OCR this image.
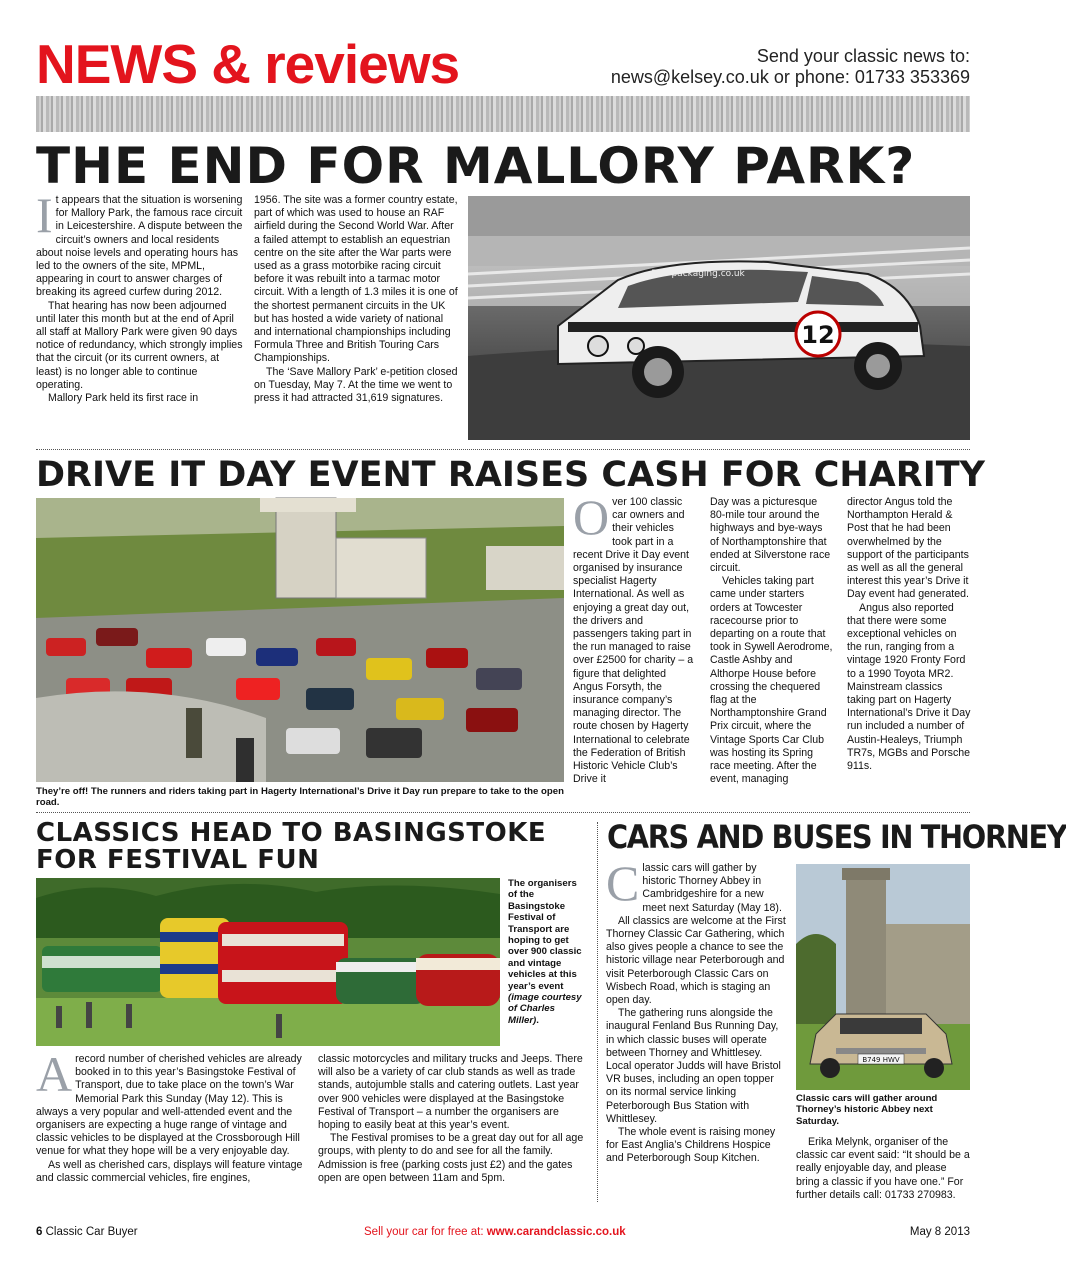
NEWS & reviews	Send your classic news to:
news@kelsey.co.uk or phone: 01733 353369
THE END FOR MALLORY PARK?
I t appears that the situation is worsening for Mallory Park, the famous race circuit in Leicestershire. A dispute between the circuit’s owners and local residents about noise levels and operating hours has led to the owners of the site, MPML, appearing in court to answer charges of breaking its agreed curfew during 2012.

That hearing has now been adjourned until later this month but at the end of April all staff at Mallory Park were given 90 days notice of redundancy, which strongly implies that the circuit (or its current owners, at least) is no longer able to continue operating.

Mallory Park held its first race in

1956. The site was a former country estate, part of which was used to house an RAF airfield during the Second World War. After a failed attempt to establish an equestrian centre on the site after the War parts were used as a grass motorbike racing circuit before it was rebuilt into a tarmac motor circuit. With a length of 1.3 miles it is one of the shortest permanent circuits in the UK but has hosted a wide variety of national and international championships including Formula Three and British Touring Cars Championships.

The ‘Save Mallory Park’ e-petition closed on Tuesday, May 7. At the time we went to press it had attracted 31,619 signatures.

12
BTS packaging.co.uk
DRIVE IT DAY EVENT RAISES CASH FOR CHARITY
They’re off! The runners and riders taking part in Hagerty International’s Drive it Day run prepare to take to the open road.
O ver 100 classic car owners and their vehicles took part in a recent Drive it Day event organised by insurance specialist Hagerty International. As well as enjoying a great day out, the drivers and passengers taking part in the run managed to raise over £2500 for charity – a figure that delighted Angus Forsyth, the insurance company’s managing director. The route chosen by Hagerty International to celebrate the Federation of British Historic Vehicle Club’s Drive it

Day was a picturesque 80-mile tour around the highways and bye-ways of Northamptonshire that ended at Silverstone race circuit.

Vehicles taking part came under starters orders at Towcester racecourse prior to departing on a route that took in Sywell Aerodrome, Castle Ashby and Althorpe House before crossing the chequered flag at the Northamptonshire Grand Prix circuit, where the Vintage Sports Car Club was hosting its Spring race meeting. After the event, managing

director Angus told the Northampton Herald & Post that he had been overwhelmed by the support of the participants as well as all the general interest this year’s Drive it Day event had generated.

Angus also reported that there were some exceptional vehicles on the run, ranging from a vintage 1920 Fronty Ford to a 1990 Toyota MR2. Mainstream classics taking part on Hagerty International’s Drive it Day run included a number of Austin-Healeys, Triumph TR7s, MGBs and Porsche 911s.

CLASSICS HEAD TO BASINGSTOKE
FOR FESTIVAL FUN
The organisers of the Basingstoke Festival of Transport are hoping to get over 900 classic and vintage vehicles at this year’s event (image courtesy of Charles Miller).
A record number of cherished vehicles are already booked in to this year’s Basingstoke Festival of Transport, due to take place on the town’s War Memorial Park this Sunday (May 12). This is always a very popular and well-attended event and the organisers are expecting a huge range of vintage and classic vehicles to be displayed at the Crossborough Hill venue for what they hope will be a very enjoyable day.

As well as cherished cars, displays will feature vintage and classic commercial vehicles, fire engines,

classic motorcycles and military trucks and Jeeps. There will also be a variety of car club stands as well as trade stands, autojumble stalls and catering outlets. Last year over 900 vehicles were displayed at the Basingstoke Festival of Transport – a number the organisers are hoping to easily beat at this year’s event.

The Festival promises to be a great day out for all age groups, with plenty to do and see for all the family. Admission is free (parking costs just £2) and the gates open are open between 11am and 5pm.

CARS AND BUSES IN THORNEY
C lassic cars will gather by historic Thorney Abbey in Cambridgeshire for a new meet next Saturday (May 18).

All classics are welcome at the First Thorney Classic Car Gathering, which also gives people a chance to see the historic village near Peterborough and visit Peterborough Classic Cars on Wisbech Road, which is staging an open day.

The gathering runs alongside the inaugural Fenland Bus Running Day, in which classic buses will operate between Thorney and Whittlesey. Local operator Judds will have Bristol VR buses, including an open topper on its normal service linking Peterborough Bus Station with Whittlesey.

The whole event is raising money for East Anglia’s Childrens Hospice and Peterborough Soup Kitchen.

B749 HWV
Classic cars will gather around Thorney’s historic Abbey next Saturday.

Erika Melynk, organiser of the classic car event said: “It should be a really enjoyable day, and please bring a classic if you have one.” For further details call: 01733 270983.

6 Classic Car Buyer	Sell your car for free at: www.carandclassic.co.uk	May 8 2013
